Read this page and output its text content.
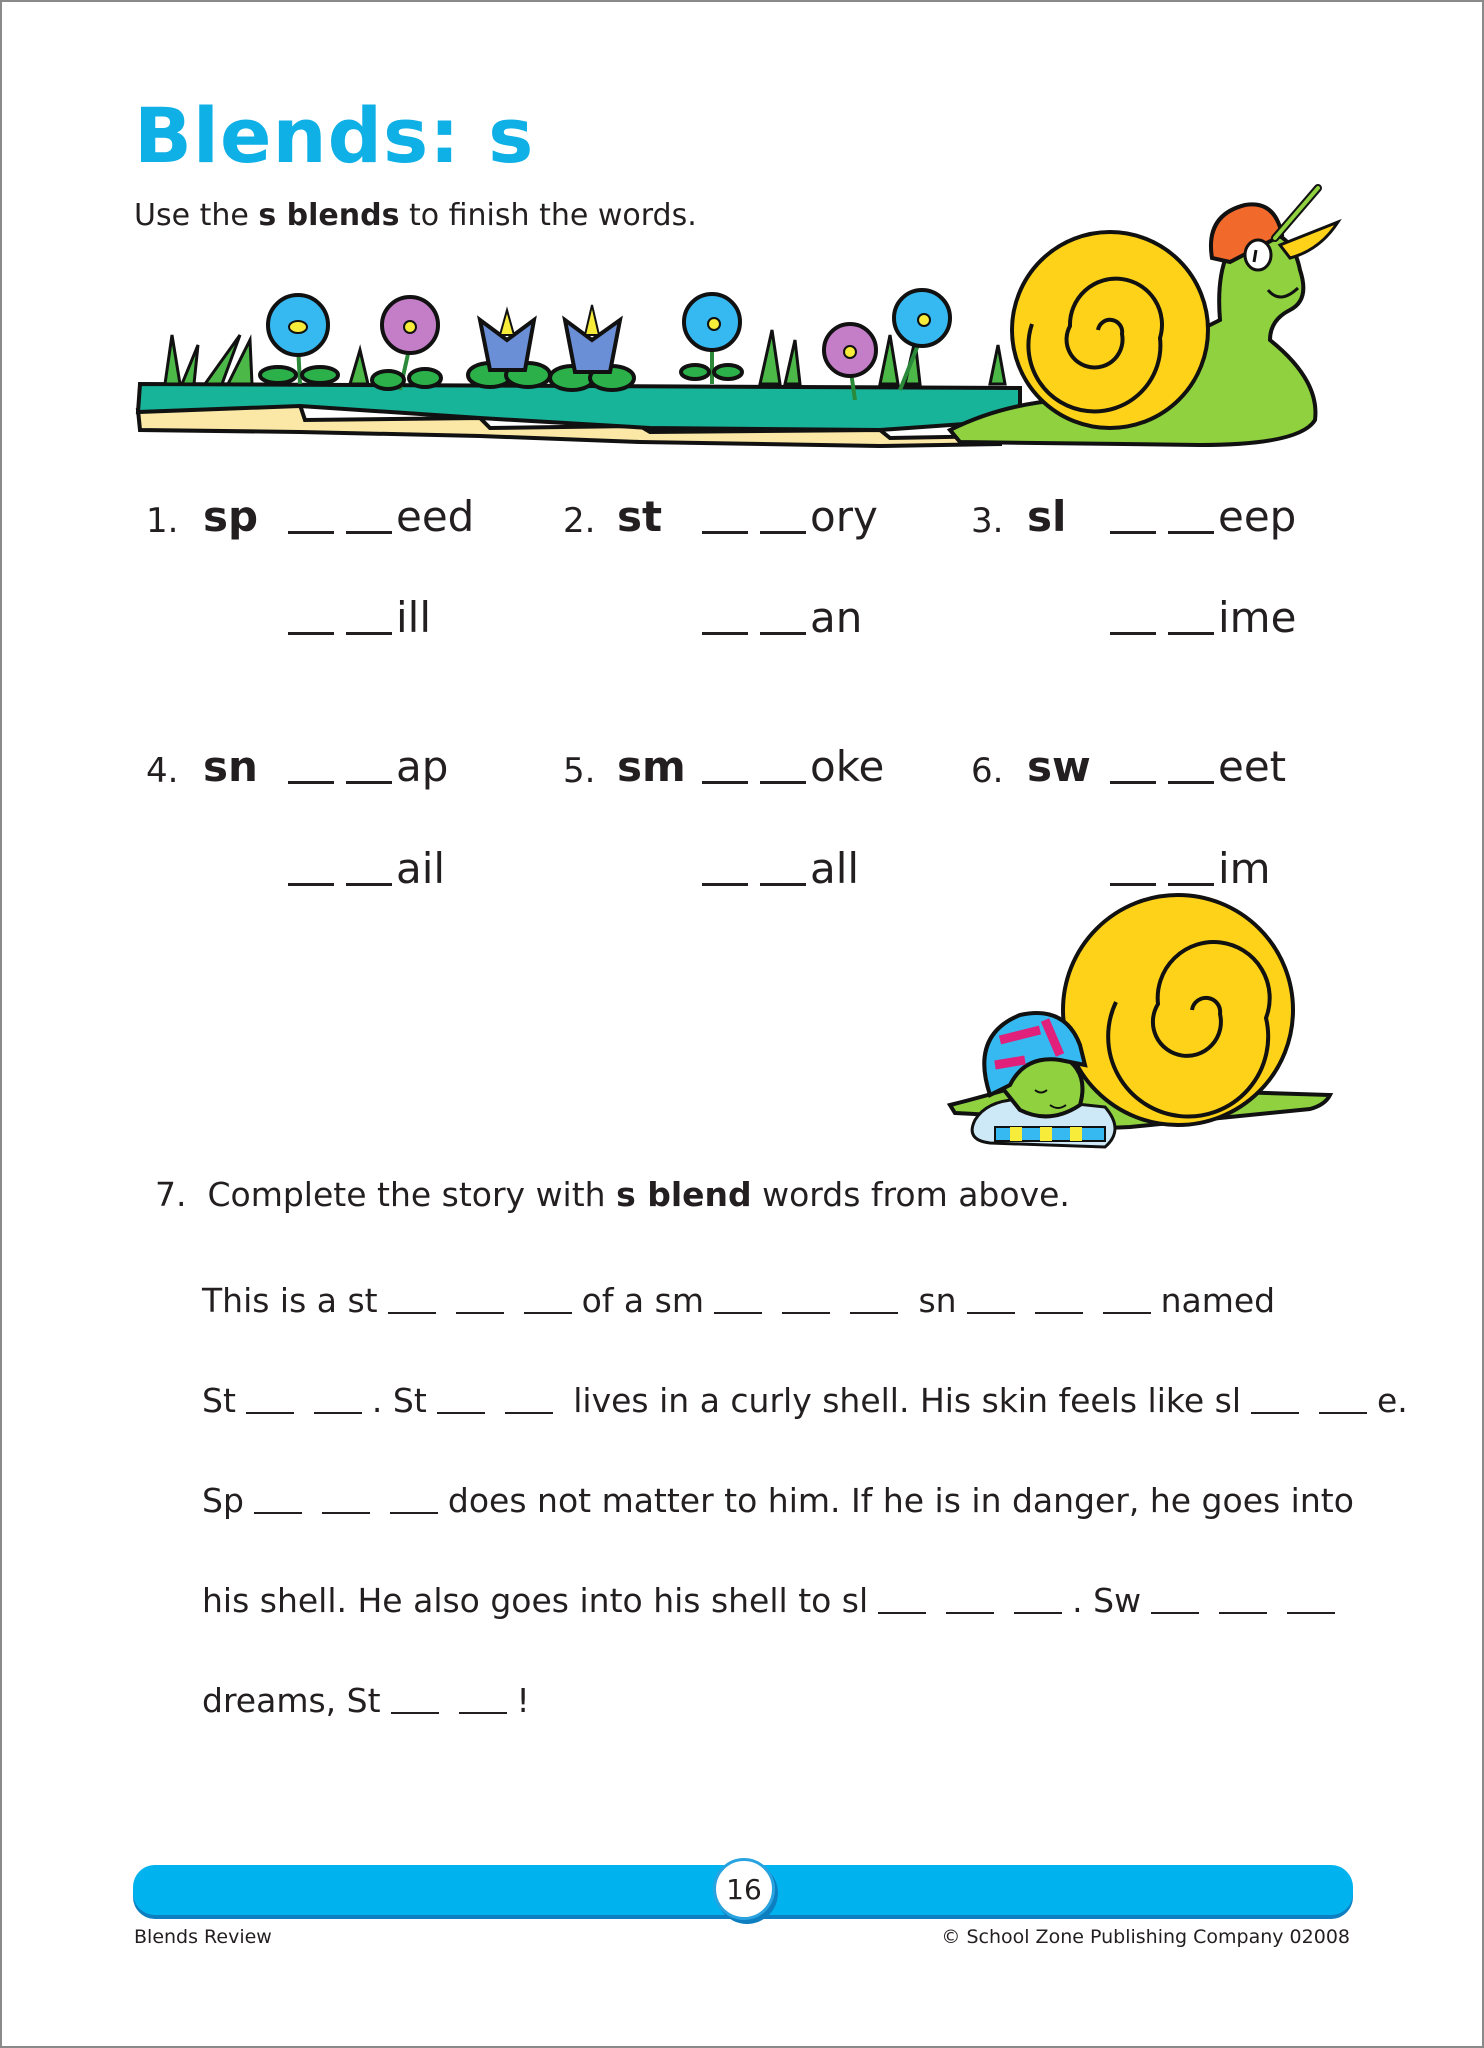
Blends: s
Use the s blends to finish the words.
1. sp	eed
ill
2. st	ory
an
3. sl	eep
ime
4. sn	ap
ail
5. sm	oke
all
6. sw	eet
im
7. Complete the story with s blend words from above.
This is a st	of a sm
	sn	named
St	. St
	lives in a curly shell. His skin feels like sl	e.
Sp	does not matter to him. If he is in danger, he goes into
his shell. He also goes into his shell to sl	. Sw
dreams, St	!
16
Blends Review	© School Zone Publishing Company 02008
